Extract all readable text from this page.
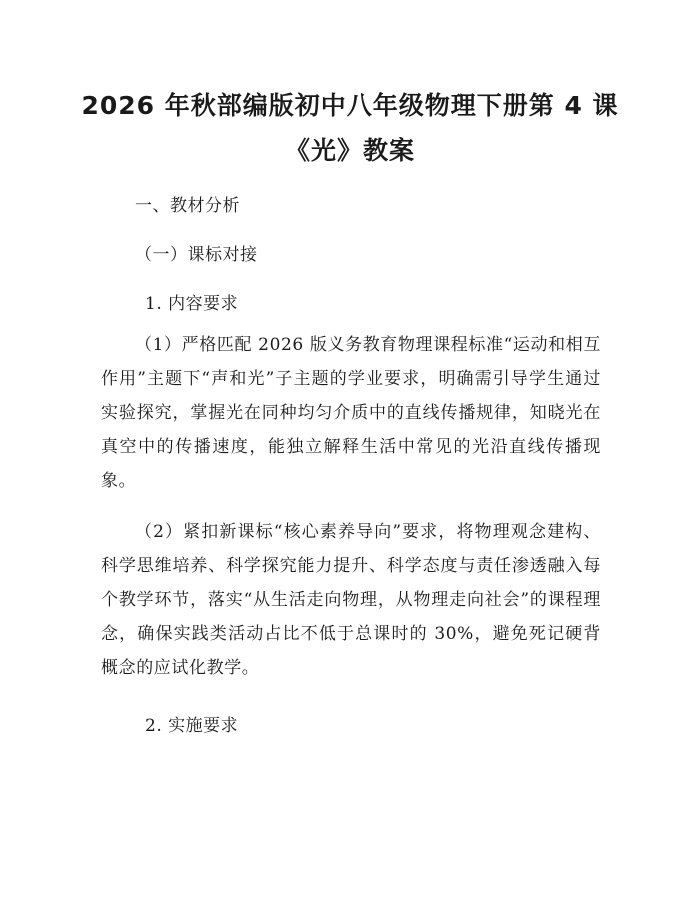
2026 年秋部编版初中八年级物理下册第 4 课
《光》教案

一、教材分析

（一）课标对接

1. 内容要求

（1）严格匹配 2026 版义务教育物理课程标准“运动和相互作用”主题下“声和光”子主题的学业要求，明确需引导学生通过实验探究，掌握光在同种均匀介质中的直线传播规律，知晓光在真空中的传播速度，能独立解释生活中常见的光沿直线传播现象。

（2）紧扣新课标“核心素养导向”要求，将物理观念建构、科学思维培养、科学探究能力提升、科学态度与责任渗透融入每个教学环节，落实“从生活走向物理，从物理走向社会”的课程理念，确保实践类活动占比不低于总课时的 30%，避免死记硬背概念的应试化教学。

2. 实施要求
